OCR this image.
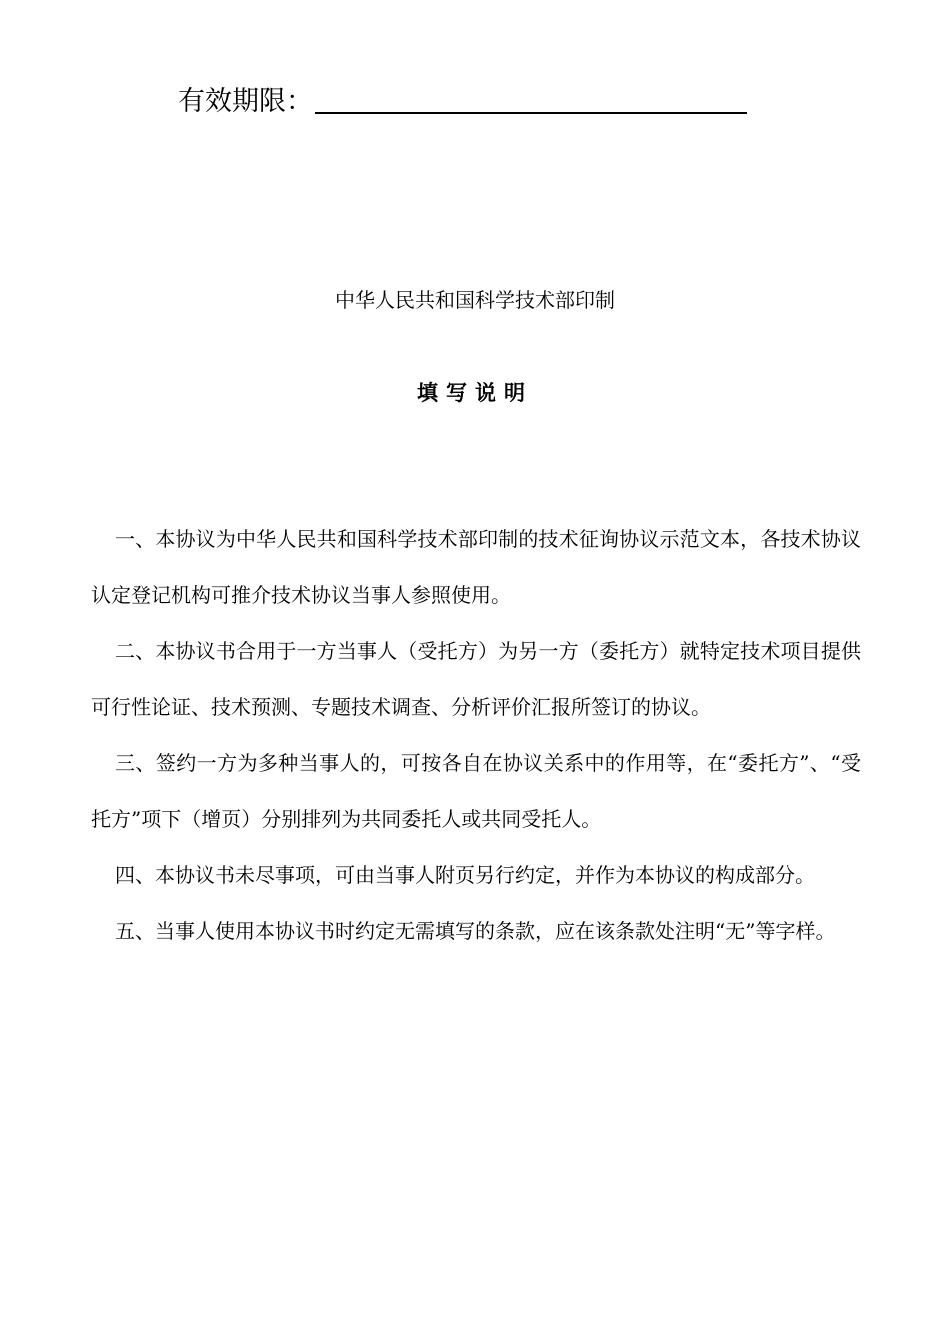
有效期限：
中华人民共和国科学技术部印制
填写说明

一、本协议为中华人民共和国科学技术部印制的技术征询协议示范文本，各技术协议认定登记机构可推介技术协议当事人参照使用。

二、本协议书合用于一方当事人（受托方）为另一方（委托方）就特定技术项目提供可行性论证、技术预测、专题技术调查、分析评价汇报所签订的协议。

三、签约一方为多种当事人的，可按各自在协议关系中的作用等，在“委托方”、“受托方”项下（增页）分别排列为共同委托人或共同受托人。

四、本协议书未尽事项，可由当事人附页另行约定，并作为本协议的构成部分。

五、当事人使用本协议书时约定无需填写的条款，应在该条款处注明“无”等字样。
